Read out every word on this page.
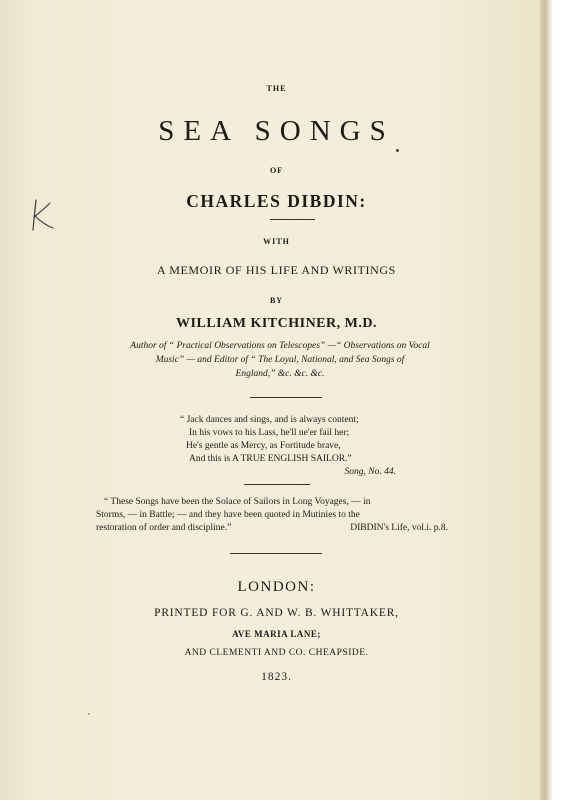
THE
SEA SONGS
OF
CHARLES DIBDIN:
WITH
A MEMOIR OF HIS LIFE AND WRITINGS
BY
WILLIAM KITCHINER, M.D.
Author of “ Practical Observations on Telescopes” —“ Observations on Vocal
Music” — and Editor of “ The Loyal, National, and Sea Songs of
England,” &c. &c. &c.
“ Jack dances and sings, and is always content;
In his vows to his Lass, he'll ne'er fail her;
He's gentle as Mercy, as Fortitude brave,
And this is A TRUE ENGLISH SAILOR.”
Song, No. 44.
“ These Songs have been the Solace of Sailors in Long Voyages, — in
Storms, — in Battle; — and they have been quoted in Mutinies to the
restoration of order and discipline.”	DIBDIN's Life, vol.i. p.8.
LONDON:
PRINTED FOR G. AND W. B. WHITTAKER,
AVE MARIA LANE;
AND CLEMENTI AND CO. CHEAPSIDE.
1823.
